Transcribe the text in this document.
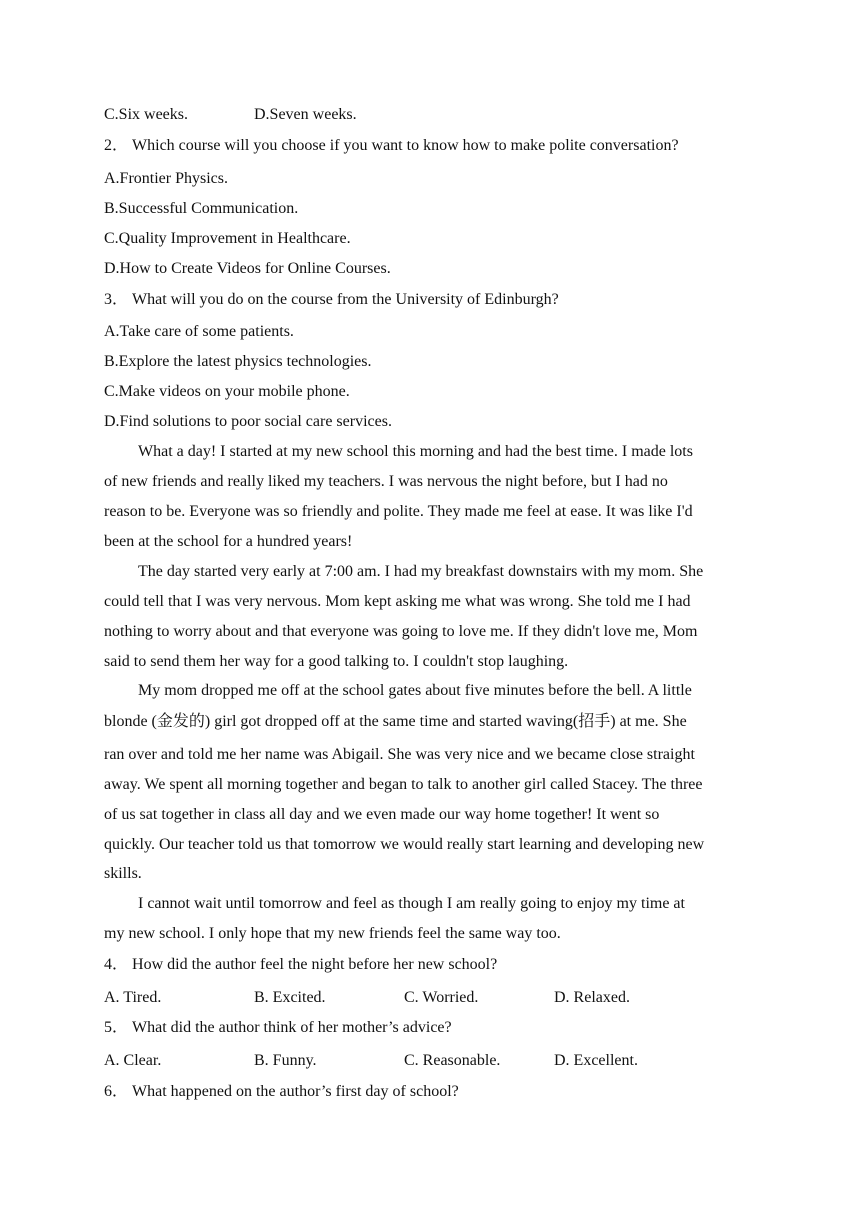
C.Six weeks.	D.Seven weeks.
2． Which course will you choose if you want to know how to make polite conversation?
A.Frontier Physics.
B.Successful Communication.
C.Quality Improvement in Healthcare.
D.How to Create Videos for Online Courses.
3． What will you do on the course from the University of Edinburgh?
A.Take care of some patients.
B.Explore the latest physics technologies.
C.Make videos on your mobile phone.
D.Find solutions to poor social care services.
What a day! I started at my new school this morning and had the best time. I made lots
of new friends and really liked my teachers. I was nervous the night before, but I had no
reason to be. Everyone was so friendly and polite. They made me feel at ease. It was like I'd
been at the school for a hundred years!
The day started very early at 7:00 am. I had my breakfast downstairs with my mom. She
could tell that I was very nervous. Mom kept asking me what was wrong. She told me I had
nothing to worry about and that everyone was going to love me. If they didn't love me, Mom
said to send them her way for a good talking to. I couldn't stop laughing.
My mom dropped me off at the school gates about five minutes before the bell. A little
blonde (金发的) girl got dropped off at the same time and started waving(招手) at me. She
ran over and told me her name was Abigail. She was very nice and we became close straight
away. We spent all morning together and began to talk to another girl called Stacey. The three
of us sat together in class all day and we even made our way home together! It went so
quickly. Our teacher told us that tomorrow we would really start learning and developing new
skills.
I cannot wait until tomorrow and feel as though I am really going to enjoy my time at
my new school. I only hope that my new friends feel the same way too.
4． How did the author feel the night before her new school?
A. Tired.	B. Excited.	C. Worried.	D. Relaxed.
5． What did the author think of her mother’s advice?
A. Clear.	B. Funny.	C. Reasonable.	D. Excellent.
6． What happened on the author’s first day of school?
